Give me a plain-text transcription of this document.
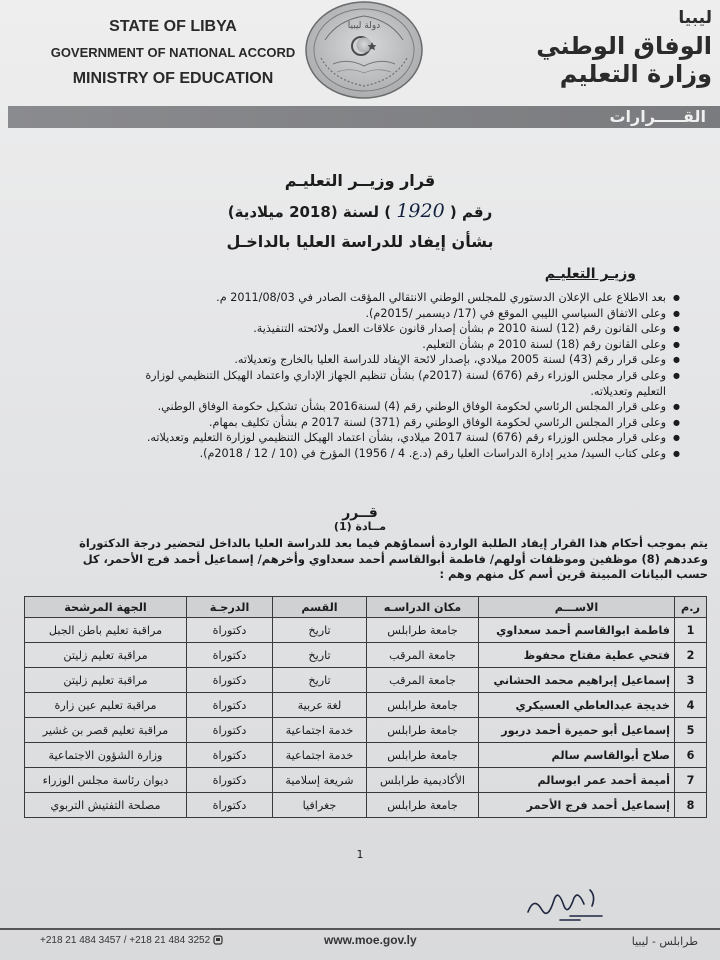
STATE OF LIBYA
GOVERNMENT OF NATIONAL ACCORD
MINISTRY OF EDUCATION
دولة ليبيا	ليبيا
الوفاق الوطني
وزارة التعليم
القـــــرارات
قرار وزيــر التعليـم
رقم ( 1920 ) لسنة (2018 ميلادية)
بشأن إيفاد للدراسة العليا بالداخـل
وزيـر التعليـم
● بعد الاطلاع على الإعلان الدستوري للمجلس الوطني الانتقالي المؤقت الصادر في 2011/08/03 م.
● وعلى الاتفاق السياسي الليبي الموقع في (17/ ديسمبر /2015م).
● وعلى القانون رقم (12) لسنة 2010 م بشأن إصدار قانون علاقات العمل ولائحته التنفيذية.
● وعلى القانون رقم (18) لسنة 2010 م بشأن التعليم.
● وعلى قرار رقم (43) لسنة 2005 ميلادي، بإصدار لائحة الإيفاد للدراسة العليا بالخارج وتعديلاته.
● وعلى قرار مجلس الوزراء رقم (676) لسنة (2017م) بشأن تنظيم الجهاز الإداري واعتماد الهيكل التنظيمي لوزارة
التعليم وتعديلاته.
● وعلى قرار المجلس الرئاسي لحكومة الوفاق الوطني رقم (4) لسنة2016 بشأن تشكيل حكومة الوفاق الوطني.
● وعلى قرار المجلس الرئاسي لحكومة الوفاق الوطني رقم (371) لسنة 2017 م بشأن تكليف بمهام.
● وعلى قرار مجلس الوزراء رقم (676) لسنة 2017 ميلادي، بشأن اعتماد الهيكل التنظيمي لوزارة التعليم وتعديلاته.
● وعلى كتاب السيد/ مدير إدارة الدراسات العليا رقم (د.ع. 4 / 1956) المؤرخ في (10 / 12 / 2018م).
قــرر
مــادة (1)
يتم بموجب أحكام هذا القرار إيفاد الطلبة الواردة أسماؤهم فيما بعد للدراسة العليا بالداخل لتحضير درجة الدكتوراة
وعددهم (8) موظفين وموظفات أولهم/ فاطمة أبوالقاسم أحمد سعداوي وأخرهم/ إسماعيل أحمد فرج الأحمر، كل
حسب البيانات المبينة قرين أسم كل منهم وهم :
ر.م	الاســـم	مكان الدراسـه	القسم	الدرجـة	الجهة المرشحة
1	فاطمة ابوالقاسم أحمد سعداوي	جامعة طرابلس	تاريخ	دكتوراة	مراقبة تعليم باطن الجبل
2	فتحي عطية مفتاح محفوظ	جامعة المرقب	تاريخ	دكتوراة	مراقبة تعليم زليتن
3	إسماعيل إبراهيم محمد الحشاني	جامعة المرقب	تاريخ	دكتوراة	مراقبة تعليم زليتن
4	خديجة عبدالعاطي العسيكري	جامعة طرابلس	لغة عربية	دكتوراة	مراقبة تعليم عين زارة
5	إسماعيل أبو حميرة أحمد دربور	جامعة طرابلس	خدمة اجتماعية	دكتوراة	مراقبة تعليم قصر بن غشير
6	صلاح أبوالقاسم سالم	جامعة طرابلس	خدمة اجتماعية	دكتوراة	وزارة الشؤون الاجتماعية
7	أميمة أحمد عمر ابوسالم	الأكاديمية طرابلس	شريعة إسلامية	دكتوراة	ديوان رئاسة مجلس الوزراء
8	إسماعيل أحمد فرج الأحمر	جامعة طرابلس	جغرافيا	دكتوراة	مصلحة التفتيش التربوي
1
+218 21 484 3457 / +218 21 484 3252	www.moe.gov.ly	طرابلس - ليبيا
